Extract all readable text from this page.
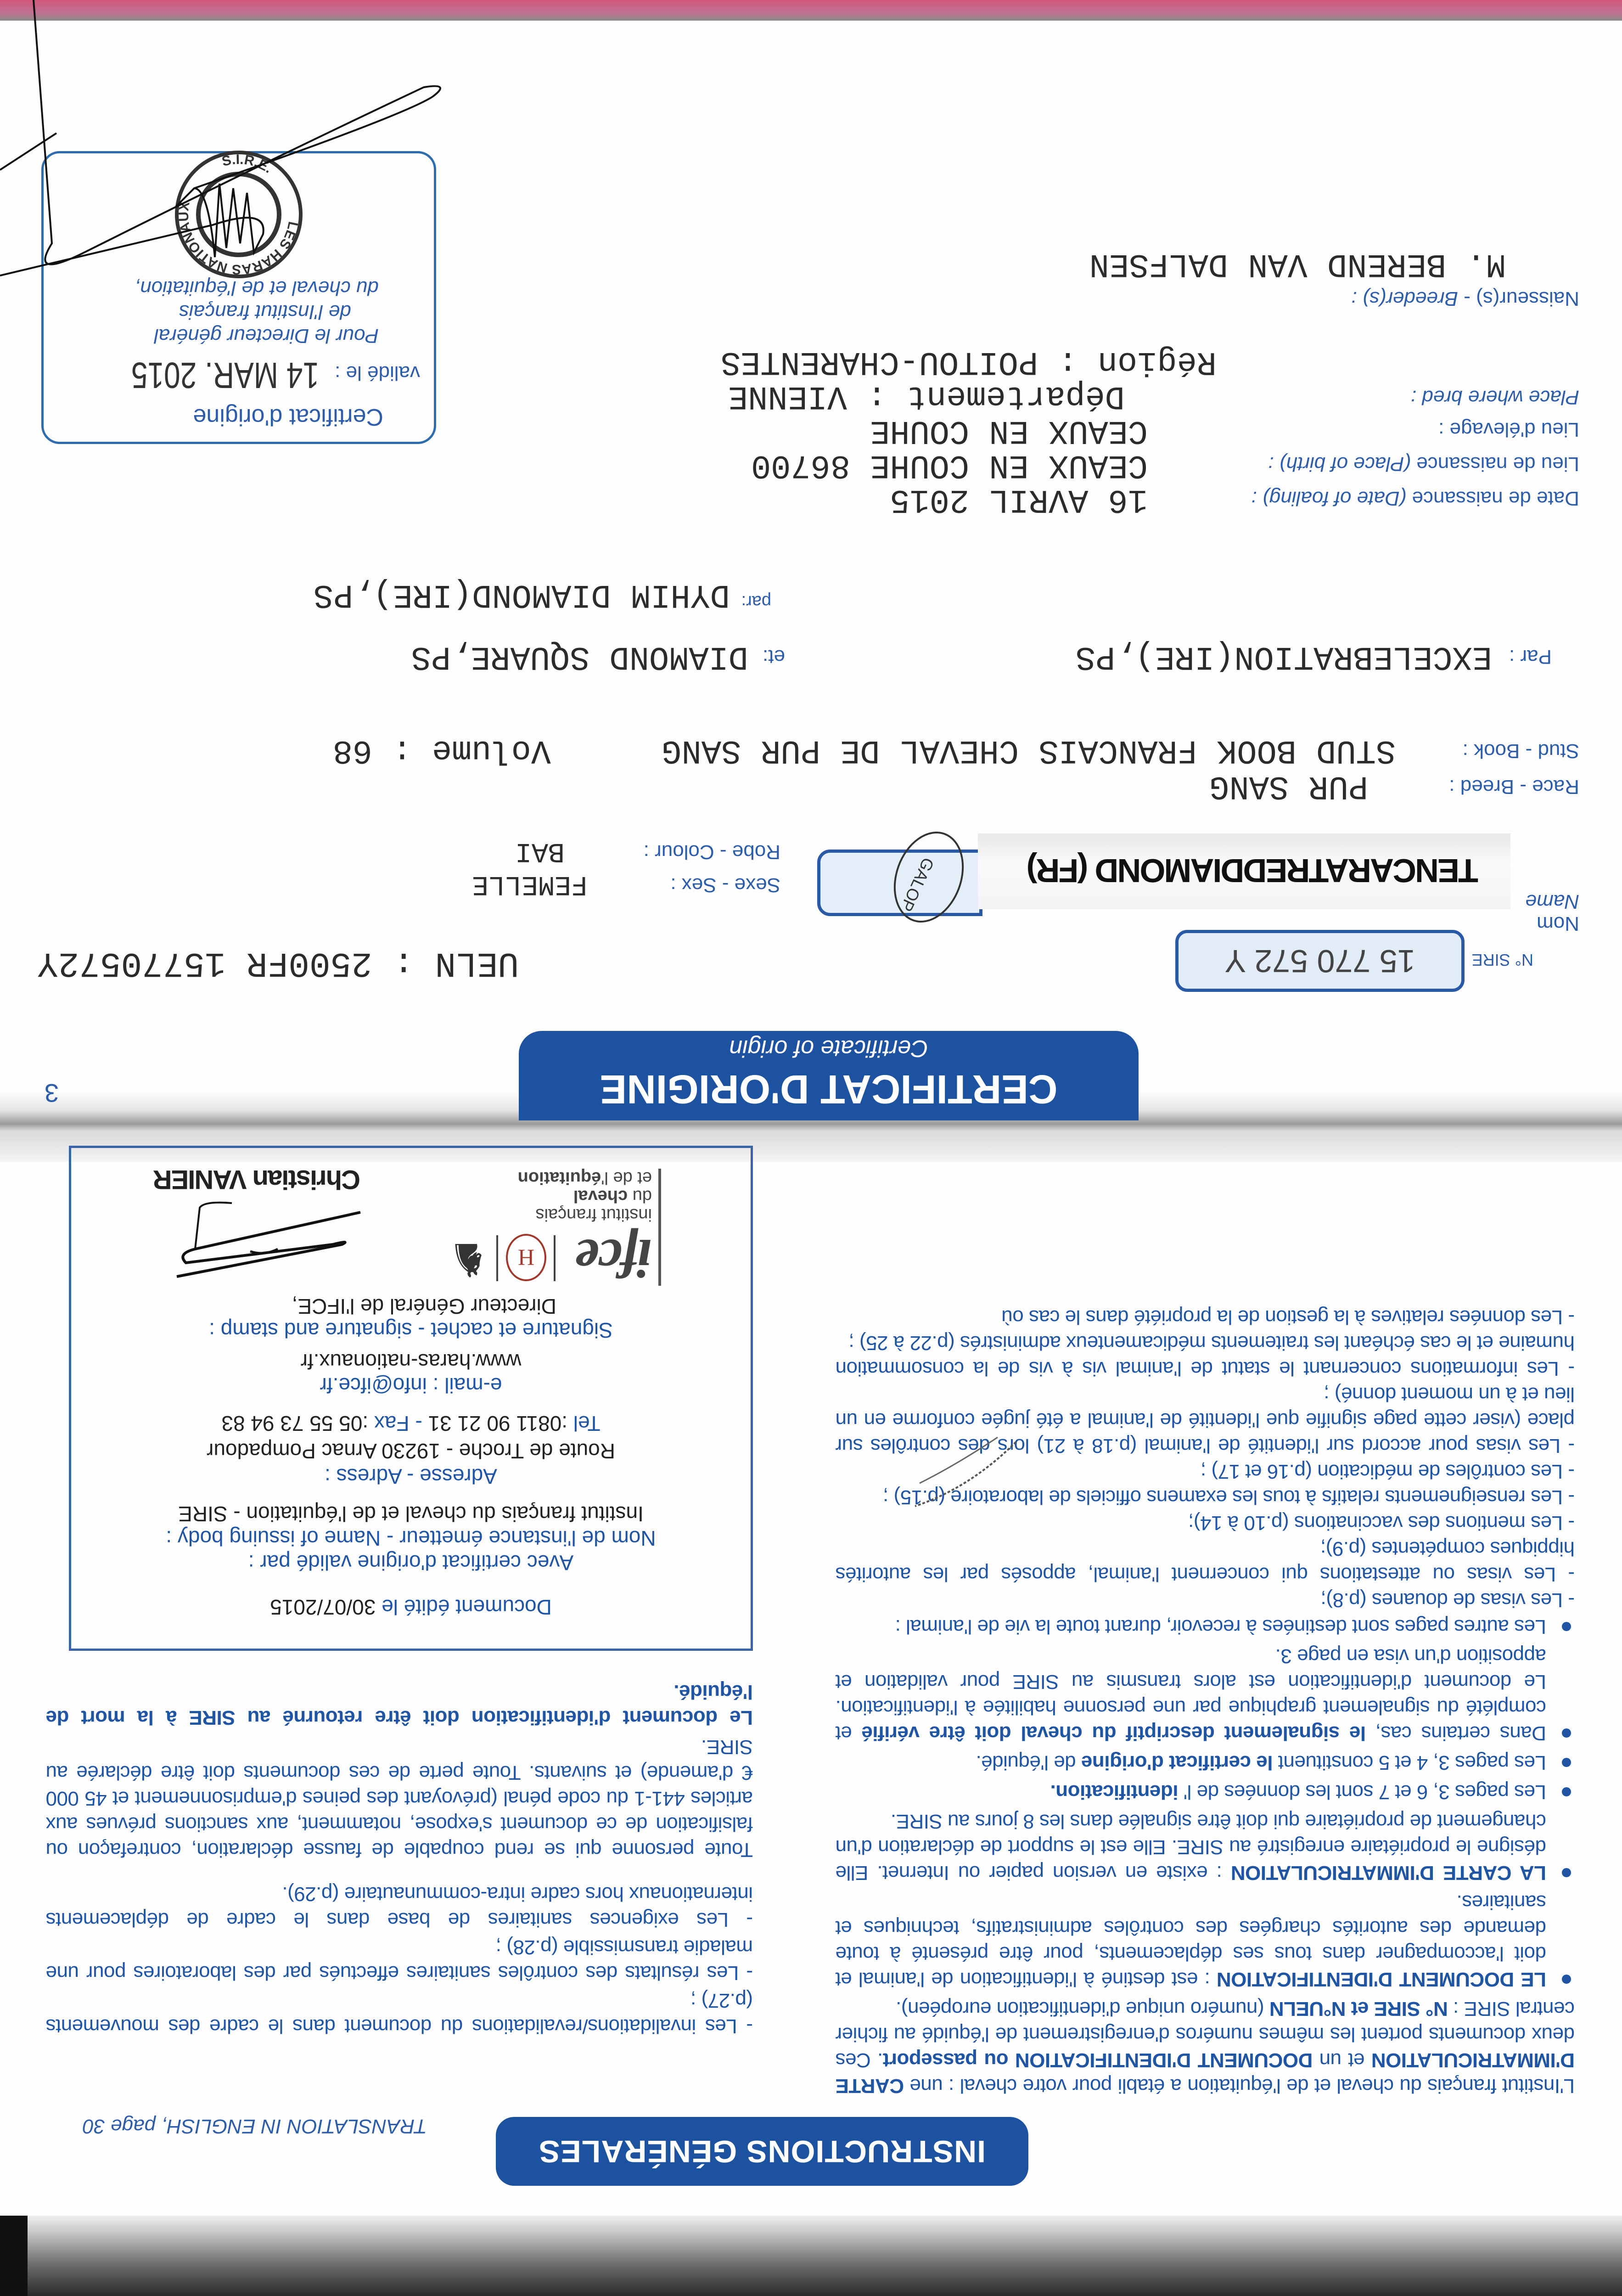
INSTRUCTIONS GÉNÉRALES
TRANSLATION IN ENGLISH, page 30

L'Institut français du cheval et de l'équitation a établi pour votre cheval : une CARTE D'IMMATRICULATION et un DOCUMENT D'IDENTIFICATION ou passeport. Ces deux documents portent les mêmes numéros d'enregistrement de l'équidé au fichier central SIRE : N° SIRE et N°UELN (numéro unique d'identification européen).

LE DOCUMENT D'IDENTIFICATION : est destiné à l'identification de l'animal et doit l'accompagner dans tous ses déplacements, pour être présenté à toute demande des autorités chargées des contrôles administratifs, techniques et sanitaires.

LA CARTE D'IMMATRICULATION : existe en version papier ou Internet. Elle désigne le propriétaire enregistré au SIRE. Elle est le support de déclaration d'un changement de propriétaire qui doit être signalée dans les 8 jours au SIRE.

Les pages 3, 6 et 7 sont les données de l' identification.

Les pages 3, 4 et 5 constituent le certificat d'origine de l'équidé.

Dans certains cas, le signalement descriptif du cheval doit être vérifié et complété du signalement graphique par une personne habilitée à l'identification. Le document d'identification est alors transmis au SIRE pour validation et apposition d'un visa en page 3.

Les autres pages sont destinées à recevoir, durant toute la vie de l'animal :

- Les visas de douanes (p.8);
- Les visas ou attestations qui concernent l'animal, apposés par les autorités hippiques compétentes (p.9);
- Les mentions des vaccinations (p.10 à 14);
- Les renseignements relatifs à tous les examens officiels de laboratoire (p.15) ;
- Les contrôles de médication (p.16 et 17) ;
- Les visas pour accord sur l'identité de l'animal (p.18 à 21) lors des contrôles sur place (viser cette page signifie que l'identité de l'animal a été jugée conforme en un lieu et à un moment donné) ;
- Les informations concernant le statut de l'animal vis à vis de la consommation humaine et le cas échéant les traitements médicamenteux administrés (p.22 à 25) ;
- Les données relatives à la gestion de la propriété dans le cas où
- Les invalidations/revalidations du document dans le cadre des mouvements (p.27) ;
- Les résultats des contrôles sanitaires effectués par des laboratoires pour une maladie transmissible (p.28) ;
- Les exigences sanitaires de base dans le cadre de déplacements internationaux hors cadre intra-communautaire (p.29).

Toute personne qui se rend coupable de fausse déclaration, contrefaçon ou falsification de ce document s'expose, notamment, aux sanctions prévues aux articles 441-1 du code pénal (prévoyant des peines d'emprisonnement et 45 000 € d'amende) et suivants. Toute perte de ces documents doit être déclarée au SIRE.

Le document d'identification doit être retourné au SIRE à la mort de l'équidé.

Document édité le 30/07/2015
Avec certificat d'origine validé par :
Nom de l'instance émetteur - Name of issuing body :
Institut français du cheval et de l'équitation - SIRE
Adresse - Adress :
Route de Troche - 19230 Arnac Pompadour
Tel :0811 90 21 31 - Fax :05 55 73 94 83
e-mail : info@ifce.fr
www.haras-nationaux.fr
Signature et cachet - signature and stamp :
Directeur Général de l'IFCE,
Christian VANIER
ifce
H
♞
institut français
du cheval
et de l'équitation
3	CERTIFICAT D'ORIGINE
Certificate of origin
N° SIRE
15 770 572 Y
UELN : 2500FR 15770572Y
Nom
Name
TENCARATREDDIAMOND (FR)
GALOP
Sexe - Sex :
FEMELLE
Robe - Colour :
BAI
Race - Breed :
PUR SANG
Stud - Book :
STUD BOOK FRANCAIS CHEVAL DE PUR SANG
Volume : 68
Par :
EXCELEBRATION(IRE),PS
et:
DIAMOND SQUARE,PS
par:
DYHIM DIAMOND(IRE),PS
Date de naissance (Date of foaling) :
16 AVRIL 2015
Lieu de naissance (Place of birth) :
CEAUX EN COUHE 86700
Lieu d'élevage :
Place where bred :
CEAUX EN COUHE
Département : VIENNE
Région : POITOU-CHARENTES
Naisseur(s) - Breeder(s) :
M. BEREND VAN DALFSEN
Certificat d'origine
validé le :
14 MAR. 2015
Pour le Directeur général
de l'Institut français
du cheval et de l'équitation,
LES HARAS NATIONAUX
S.I.R.E.
